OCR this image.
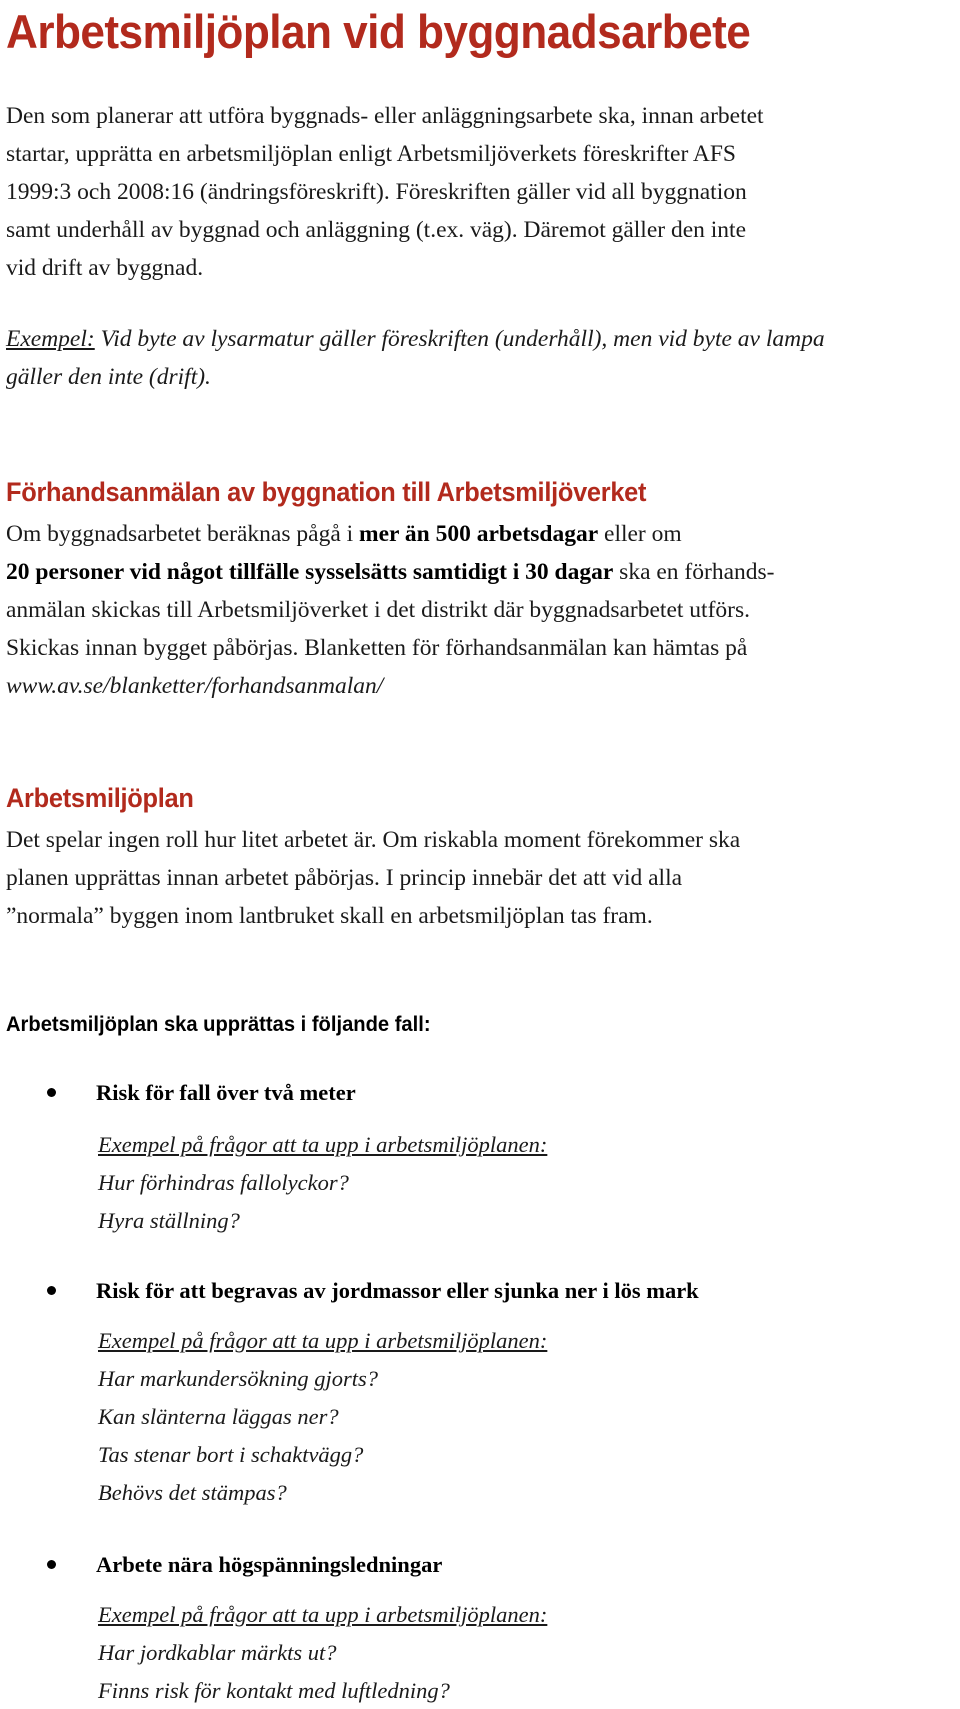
Arbetsmiljöplan vid byggnadsarbete

Den som planerar att utföra byggnads- eller anläggningsarbete ska, innan arbetet

startar, upprätta en arbetsmiljöplan enligt Arbetsmiljöverkets föreskrifter AFS

1999:3 och 2008:16 (ändringsföreskrift). Föreskriften gäller vid all byggnation

samt underhåll av byggnad och anläggning (t.ex. väg). Däremot gäller den inte

vid drift av byggnad.

Exempel: Vid byte av lysarmatur gäller föreskriften (underhåll), men vid byte av lampa

gäller den inte (drift).

Förhandsanmälan av byggnation till Arbetsmiljöverket

Om byggnadsarbetet beräknas pågå i mer än 500 arbetsdagar eller om

20 personer vid något tillfälle sysselsätts samtidigt i 30 dagar ska en förhands-

anmälan skickas till Arbetsmiljöverket i det distrikt där byggnadsarbetet utförs.

Skickas innan bygget påbörjas. Blanketten för förhandsanmälan kan hämtas på

www.av.se/blanketter/forhandsanmalan/

Arbetsmiljöplan

Det spelar ingen roll hur litet arbetet är. Om riskabla moment förekommer ska

planen upprättas innan arbetet påbörjas. I princip innebär det att vid alla

”normala” byggen inom lantbruket skall en arbetsmiljöplan tas fram.

Arbetsmiljöplan ska upprättas i följande fall:

Risk för fall över två meter

Exempel på frågor att ta upp i arbetsmiljöplanen:

Hur förhindras fallolyckor?

Hyra ställning?

Risk för att begravas av jordmassor eller sjunka ner i lös mark

Exempel på frågor att ta upp i arbetsmiljöplanen:

Har markundersökning gjorts?

Kan slänterna läggas ner?

Tas stenar bort i schaktvägg?

Behövs det stämpas?

Arbete nära högspänningsledningar

Exempel på frågor att ta upp i arbetsmiljöplanen:

Har jordkablar märkts ut?

Finns risk för kontakt med luftledning?
